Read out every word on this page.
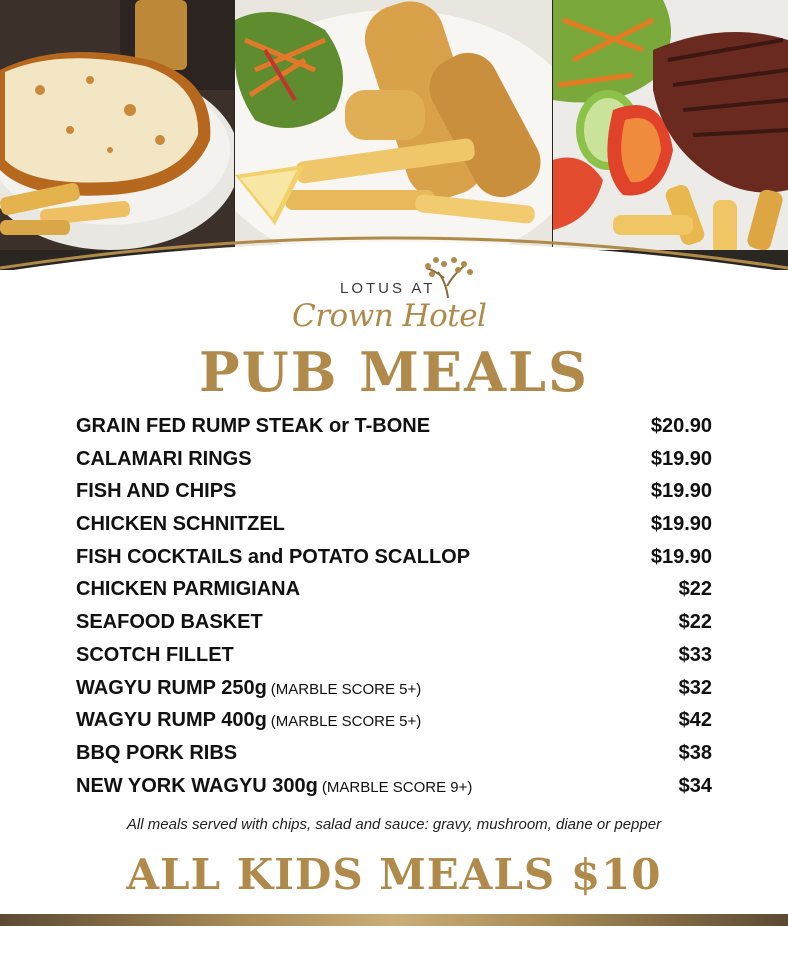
LOTUS AT
Crown Hotel
PUB MEALS
GRAIN FED RUMP STEAK or T-BONE	$20.90
CALAMARI RINGS	$19.90
FISH AND CHIPS	$19.90
CHICKEN SCHNITZEL	$19.90
FISH COCKTAILS and POTATO SCALLOP	$19.90
CHICKEN PARMIGIANA	$22
SEAFOOD BASKET	$22
SCOTCH FILLET	$33
WAGYU RUMP 250g (MARBLE SCORE 5+)	$32
WAGYU RUMP 400g (MARBLE SCORE 5+)	$42
BBQ PORK RIBS	$38
NEW YORK WAGYU 300g (MARBLE SCORE 9+)	$34
All meals served with chips, salad and sauce: gravy, mushroom, diane or pepper
ALL KIDS MEALS $10
